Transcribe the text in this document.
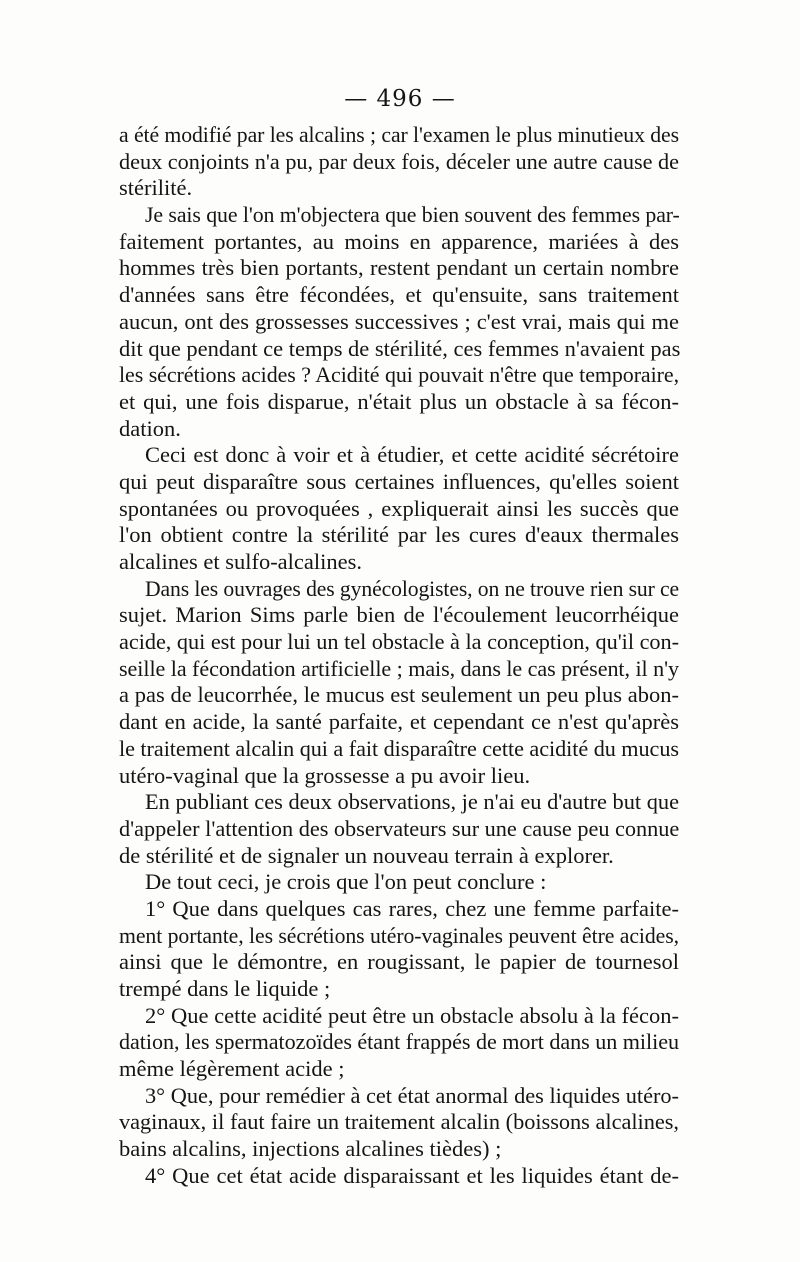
— 496 —
a été modifié par les alcalins ; car l'examen le plus minutieux des
deux conjoints n'a pu, par deux fois, déceler une autre cause de
stérilité.
Je sais que l'on m'objectera que bien souvent des femmes par-
faitement portantes, au moins en apparence, mariées à des
hommes très bien portants, restent pendant un certain nombre
d'années sans être fécondées, et qu'ensuite, sans traitement
aucun, ont des grossesses successives ; c'est vrai, mais qui me
dit que pendant ce temps de stérilité, ces femmes n'avaient pas
les sécrétions acides ? Acidité qui pouvait n'être que temporaire,
et qui, une fois disparue, n'était plus un obstacle à sa fécon-
dation.
Ceci est donc à voir et à étudier, et cette acidité sécrétoire
qui peut disparaître sous certaines influences, qu'elles soient
spontanées ou provoquées , expliquerait ainsi les succès que
l'on obtient contre la stérilité par les cures d'eaux thermales
alcalines et sulfo-alcalines.
Dans les ouvrages des gynécologistes, on ne trouve rien sur ce
sujet. Marion Sims parle bien de l'écoulement leucorrhéique
acide, qui est pour lui un tel obstacle à la conception, qu'il con-
seille la fécondation artificielle ; mais, dans le cas présent, il n'y
a pas de leucorrhée, le mucus est seulement un peu plus abon-
dant en acide, la santé parfaite, et cependant ce n'est qu'après
le traitement alcalin qui a fait disparaître cette acidité du mucus
utéro-vaginal que la grossesse a pu avoir lieu.
En publiant ces deux observations, je n'ai eu d'autre but que
d'appeler l'attention des observateurs sur une cause peu connue
de stérilité et de signaler un nouveau terrain à explorer.
De tout ceci, je crois que l'on peut conclure :
1° Que dans quelques cas rares, chez une femme parfaite-
ment portante, les sécrétions utéro-vaginales peuvent être acides,
ainsi que le démontre, en rougissant, le papier de tournesol
trempé dans le liquide ;
2° Que cette acidité peut être un obstacle absolu à la fécon-
dation, les spermatozoïdes étant frappés de mort dans un milieu
même légèrement acide ;
3° Que, pour remédier à cet état anormal des liquides utéro-
vaginaux, il faut faire un traitement alcalin (boissons alcalines,
bains alcalins, injections alcalines tièdes) ;
4° Que cet état acide disparaissant et les liquides étant de-
